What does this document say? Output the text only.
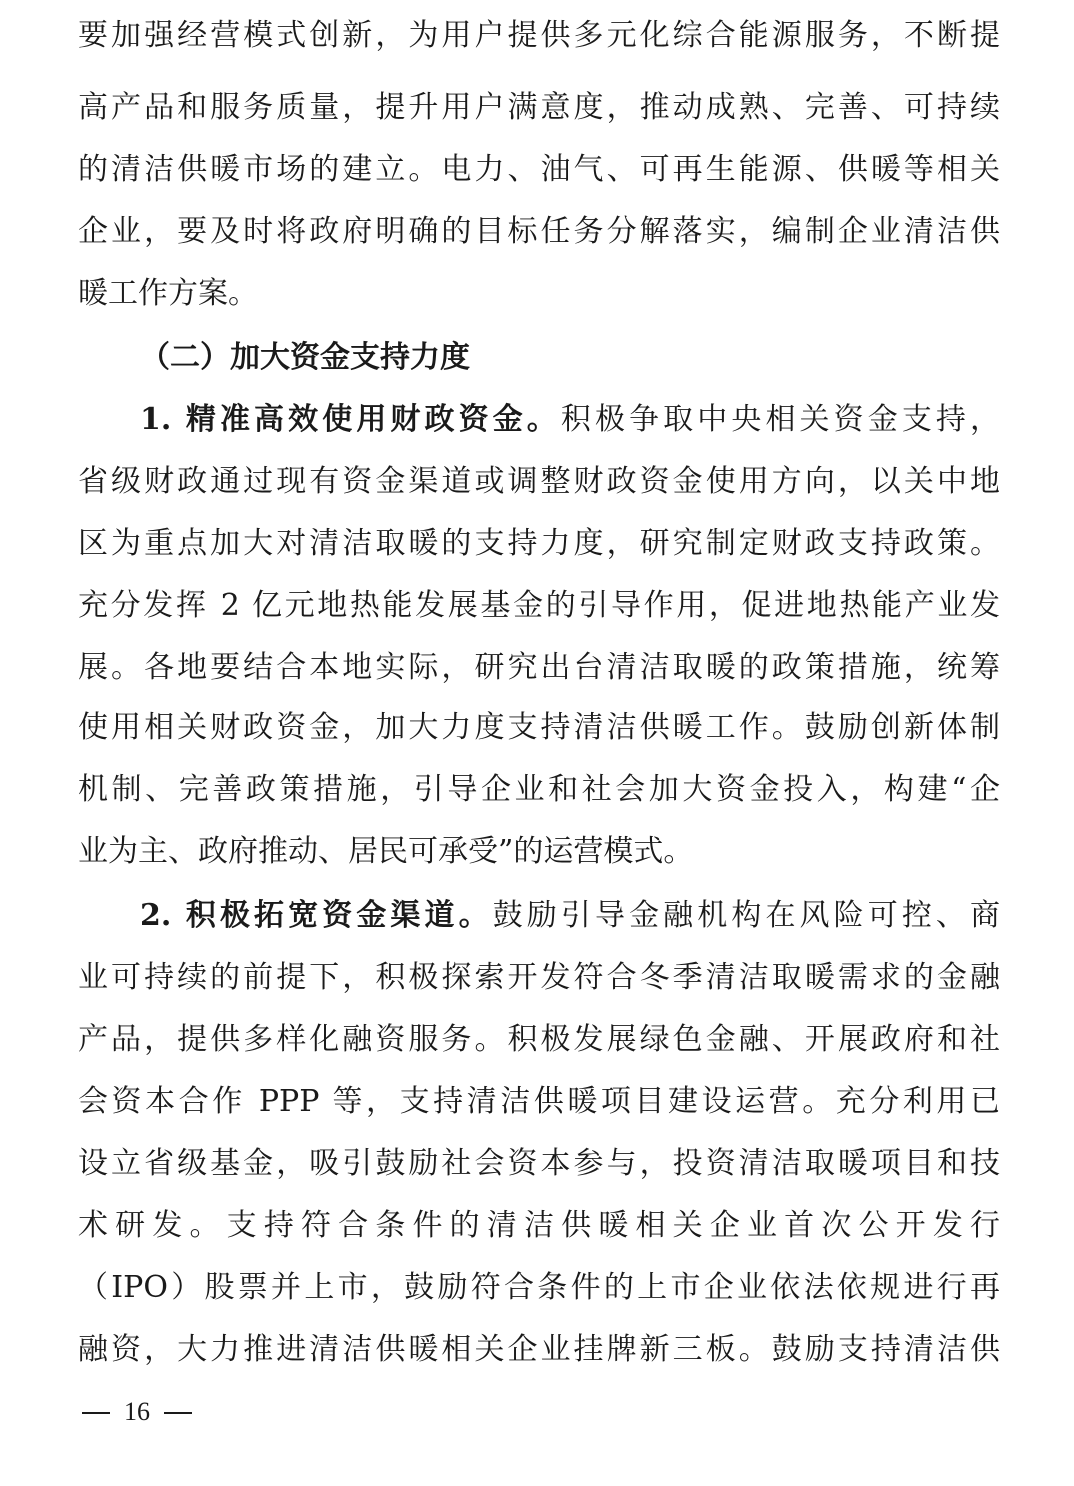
要加强经营模式创新，为用户提供多元化综合能源服务，不断提
高产品和服务质量，提升用户满意度，推动成熟、完善、可持续
的清洁供暖市场的建立。电力、油气、可再生能源、供暖等相关
企业，要及时将政府明确的目标任务分解落实，编制企业清洁供
暖工作方案。
（二）加大资金支持力度
1. 精准高效使用财政资金。积极争取中央相关资金支持，
省级财政通过现有资金渠道或调整财政资金使用方向，以关中地
区为重点加大对清洁取暖的支持力度，研究制定财政支持政策。
充分发挥 2 亿元地热能发展基金的引导作用，促进地热能产业发
展。各地要结合本地实际，研究出台清洁取暖的政策措施，统筹
使用相关财政资金，加大力度支持清洁供暖工作。鼓励创新体制
机制、完善政策措施，引导企业和社会加大资金投入，构建“企
业为主、政府推动、居民可承受”的运营模式。
2. 积极拓宽资金渠道。鼓励引导金融机构在风险可控、商
业可持续的前提下，积极探索开发符合冬季清洁取暖需求的金融
产品，提供多样化融资服务。积极发展绿色金融、开展政府和社
会资本合作 PPP 等，支持清洁供暖项目建设运营。充分利用已
设立省级基金，吸引鼓励社会资本参与，投资清洁取暖项目和技
术研发。支持符合条件的清洁供暖相关企业首次公开发行
（IPO）股票并上市，鼓励符合条件的上市企业依法依规进行再
融资，大力推进清洁供暖相关企业挂牌新三板。鼓励支持清洁供
16
